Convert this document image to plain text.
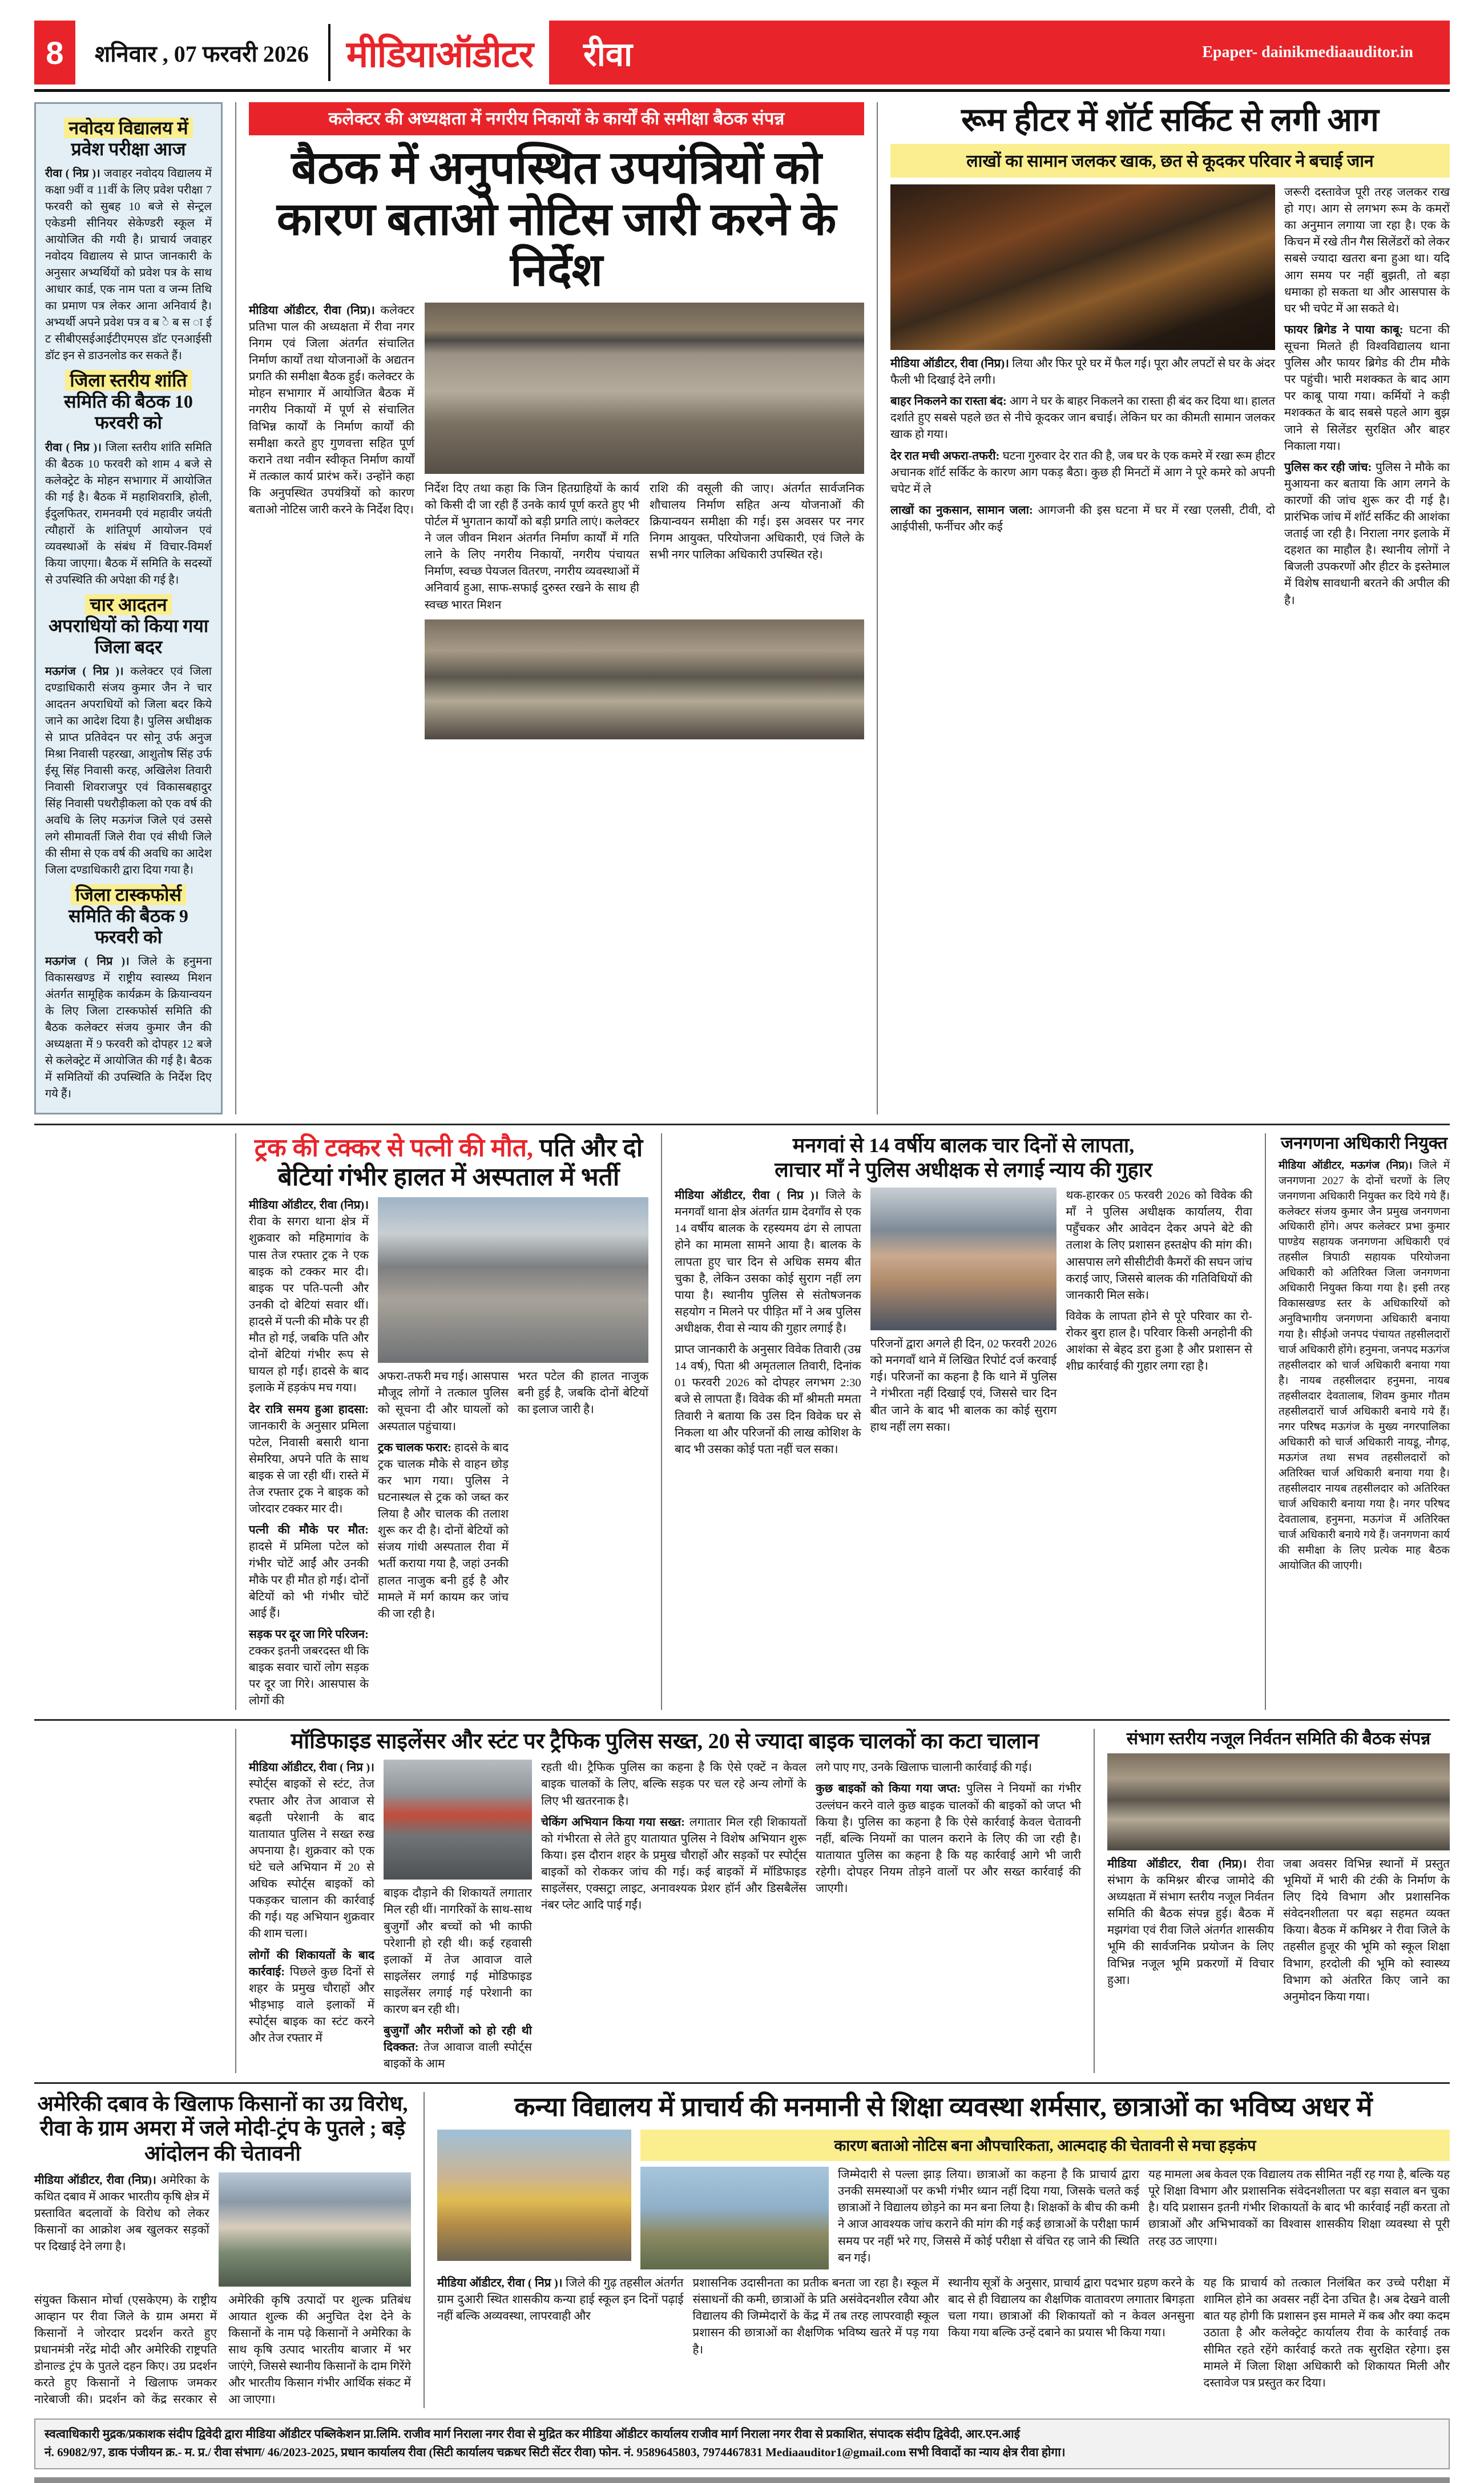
8	शनिवार , 07 फरवरी 2026	मीडियाऑडीटर	रीवा	Epaper- dainikmediaauditor.in
नवोदय विद्यालय में
प्रवेश परीक्षा आज

रीवा ( निप्र )। जवाहर नवोदय विद्यालय में कक्षा 9वीं व 11वीं के लिए प्रवेश परीक्षा 7 फरवरी को सुबह 10 बजे से सेन्ट्रल एकेडमी सीनियर सेकेण्डरी स्कूल में आयोजित की गयी है। प्राचार्य जवाहर नवोदय विद्यालय से प्राप्त जानकारी के अनुसार अभ्यर्थियों को प्रवेश पत्र के साथ आधार कार्ड, एक नाम पता व जन्म तिथि का प्रमाण पत्र लेकर आना अनिवार्य है। अभ्यर्थी अपने प्रवेश पत्र व ब े ब स ा ई ट सीबीएसईआईटीएमएस डॉट एनआईसी डॉट इन से डाउनलोड कर सकते हैं।

जिला स्तरीय शांति
समिति की बैठक 10 फरवरी को

रीवा ( निप्र )। जिला स्तरीय शांति समिति की बैठक 10 फरवरी को शाम 4 बजे से कलेक्ट्रेट के मोहन सभागार में आयोजित की गई है। बैठक में महाशिवरात्रि, होली, ईदुलफितर, रामनवमी एवं महावीर जयंती त्यौहारों के शांतिपूर्ण आयोजन एवं व्यवस्थाओं के संबंध में विचार-विमर्श किया जाएगा। बैठक में समिति के सदस्यों से उपस्थिति की अपेक्षा की गई है।

चार आदतन
अपराधियों को किया गया जिला बदर

मऊगंज ( निप्र )। कलेक्टर एवं जिला दण्डाधिकारी संजय कुमार जैन ने चार आदतन अपराधियों को जिला बदर किये जाने का आदेश दिया है। पुलिस अधीक्षक से प्राप्त प्रतिवेदन पर सोनू उर्फ अनुज मिश्रा निवासी पहरखा, आशुतोष सिंह उर्फ ईसू सिंह निवासी करह, अखिलेश तिवारी निवासी शिवराजपुर एवं विकासबहादुर सिंह निवासी पथरौड़ीकला को एक वर्ष की अवधि के लिए मऊगंज जिले एवं उससे लगे सीमावर्ती जिले रीवा एवं सीधी जिले की सीमा से एक वर्ष की अवधि का आदेश जिला दण्डाधिकारी द्वारा दिया गया है।

जिला टास्कफोर्स
समिति की बैठक 9 फरवरी को

मऊगंज ( निप्र )। जिले के हनुमना विकासखण्ड में राष्ट्रीय स्वास्थ्य मिशन अंतर्गत सामूहिक कार्यक्रम के क्रियान्वयन के लिए जिला टास्कफोर्स समिति की बैठक कलेक्टर संजय कुमार जैन की अध्यक्षता में 9 फरवरी को दोपहर 12 बजे से कलेक्ट्रेट में आयोजित की गई है। बैठक में समितियों की उपस्थिति के निर्देश दिए गये हैं।

कलेक्टर की अध्यक्षता में नगरीय निकायों के कार्यों की समीक्षा बैठक संपन्न
बैठक में अनुपस्थित उपयंत्रियों को कारण बताओ नोटिस जारी करने के निर्देश

मीडिया ऑडीटर, रीवा (निप्र)। कलेक्टर प्रतिभा पाल की अध्यक्षता में रीवा नगर निगम एवं जिला अंतर्गत संचालित निर्माण कार्यों तथा योजनाओं के अद्यतन प्रगति की समीक्षा बैठक हुई। कलेक्टर के मोहन सभागार में आयोजित बैठक में नगरीय निकायों में पूर्ण से संचालित विभिन्न कार्यों के निर्माण कार्यों की समीक्षा करते हुए गुणवत्ता सहित पूर्ण कराने तथा नवीन स्वीकृत निर्माण कार्यों में तत्काल कार्य प्रारंभ करें। उन्होंने कहा कि अनुपस्थित उपयंत्रियों को कारण बताओ नोटिस जारी करने के निर्देश दिए।

निर्देश दिए तथा कहा कि जिन हितग्राहियों के कार्य को किसी दी जा रही हैं उनके कार्य पूर्ण करते हुए भी पोर्टल में भुगतान कार्यों को बड़ी प्रगति लाएं। कलेक्टर ने जल जीवन मिशन अंतर्गत निर्माण कार्यों में गति लाने के लिए नगरीय निकायों, नगरीय पंचायत निर्माण, स्वच्छ पेयजल वितरण, नगरीय व्यवस्थाओं में अनिवार्य हुआ, साफ-सफाई दुरुस्त रखने के साथ ही स्वच्छ भारत मिशन

राशि की वसूली की जाए। अंतर्गत सार्वजनिक शौचालय निर्माण सहित अन्य योजनाओं की क्रियान्वयन समीक्षा की गई। इस अवसर पर नगर निगम आयुक्त, परियोजना अधिकारी, एवं जिले के सभी नगर पालिका अधिकारी उपस्थित रहे।

रूम हीटर में शॉर्ट सर्किट से लगी आग
लाखों का सामान जलकर खाक, छत से कूदकर परिवार ने बचाई जान

मीडिया ऑडीटर, रीवा (निप्र)। लिया और फिर पूरे घर में फैल गई। पूरा और लपटों से घर के अंदर फैली भी दिखाई देने लगी।

बाहर निकलने का रास्ता बंद: आग ने घर के बाहर निकलने का रास्ता ही बंद कर दिया था। हालत दर्शाते हुए सबसे पहले छत से नीचे कूदकर जान बचाई। लेकिन घर का कीमती सामान जलकर खाक हो गया।

देर रात मची अफरा-तफरी: घटना गुरुवार देर रात की है, जब घर के एक कमरे में रखा रूम हीटर अचानक शॉर्ट सर्किट के कारण आग पकड़ बैठा। कुछ ही मिनटों में आग ने पूरे कमरे को अपनी चपेट में ले

लाखों का नुकसान, सामान जला: आगजनी की इस घटना में घर में रखा एलसी, टीवी, दो आईपीसी, फर्नीचर और कई

जरूरी दस्तावेज पूरी तरह जलकर राख हो गए। आग से लगभग रूम के कमरों का अनुमान लगाया जा रहा है। एक के किचन में रखे तीन गैस सिलेंडरों को लेकर सबसे ज्यादा खतरा बना हुआ था। यदि आग समय पर नहीं बुझती, तो बड़ा धमाका हो सकता था और आसपास के घर भी चपेट में आ सकते थे।

फायर ब्रिगेड ने पाया काबू: घटना की सूचना मिलते ही विश्वविद्यालय थाना पुलिस और फायर ब्रिगेड की टीम मौके पर पहुंची। भारी मशक्कत के बाद आग पर काबू पाया गया। कर्मियों ने कड़ी मशक्कत के बाद सबसे पहले आग बुझ जाने से सिलेंडर सुरक्षित और बाहर निकाला गया।

पुलिस कर रही जांच: पुलिस ने मौके का मुआयना कर बताया कि आग लगने के कारणों की जांच शुरू कर दी गई है। प्रारंभिक जांच में शॉर्ट सर्किट की आशंका जताई जा रही है। निराला नगर इलाके में दहशत का माहौल है। स्थानीय लोगों ने बिजली उपकरणों और हीटर के इस्तेमाल में विशेष सावधानी बरतने की अपील की है।

ट्रक की टक्कर से पत्नी की मौत, पति और दो बेटियां गंभीर हालत में अस्पताल में भर्ती

मीडिया ऑडीटर, रीवा (निप्र)। रीवा के सगरा थाना क्षेत्र में शुक्रवार को महिमागांव के पास तेज रफ्तार ट्रक ने एक बाइक को टक्कर मार दी। बाइक पर पति-पत्नी और उनकी दो बेटियां सवार थीं। हादसे में पत्नी की मौके पर ही मौत हो गई, जबकि पति और दोनों बेटियां गंभीर रूप से घायल हो गईं। हादसे के बाद इलाके में हड़कंप मच गया।

देर रात्रि समय हुआ हादसा: जानकारी के अनुसार प्रमिला पटेल, निवासी बसारी थाना सेमरिया, अपने पति के साथ बाइक से जा रही थीं। रास्ते में तेज रफ्तार ट्रक ने बाइक को जोरदार टक्कर मार दी।

पत्नी की मौके पर मौत: हादसे में प्रमिला पटेल को गंभीर चोटें आईं और उनकी मौके पर ही मौत हो गई। दोनों बेटियों को भी गंभीर चोटें आई हैं।

सड़क पर दूर जा गिरे परिजन: टक्कर इतनी जबरदस्त थी कि बाइक सवार चारों लोग सड़क पर दूर जा गिरे। आसपास के लोगों की

अफरा-तफरी मच गई। आसपास मौजूद लोगों ने तत्काल पुलिस को सूचना दी और घायलों को अस्पताल पहुंचाया।

ट्रक चालक फरार: हादसे के बाद ट्रक चालक मौके से वाहन छोड़ कर भाग गया। पुलिस ने घटनास्थल से ट्रक को जब्त कर लिया है और चालक की तलाश शुरू कर दी है। दोनों बेटियों को संजय गांधी अस्पताल रीवा में भर्ती कराया गया है, जहां उनकी हालत नाजुक बनी हुई है और मामले में मर्ग कायम कर जांच की जा रही है।

भरत पटेल की हालत नाजुक बनी हुई है, जबकि दोनों बेटियों का इलाज जारी है।

मनगवां से 14 वर्षीय बालक चार दिनों से लापता,
लाचार माँ ने पुलिस अधीक्षक से लगाई न्याय की गुहार

मीडिया ऑडीटर, रीवा ( निप्र )। जिले के मनगवाँ थाना क्षेत्र अंतर्गत ग्राम देवगाँव से एक 14 वर्षीय बालक के रहस्यमय ढंग से लापता होने का मामला सामने आया है। बालक के लापता हुए चार दिन से अधिक समय बीत चुका है, लेकिन उसका कोई सुराग नहीं लग पाया है। स्थानीय पुलिस से संतोषजनक सहयोग न मिलने पर पीड़ित माँ ने अब पुलिस अधीक्षक, रीवा से न्याय की गुहार लगाई है।

प्राप्त जानकारी के अनुसार विवेक तिवारी (उम्र 14 वर्ष), पिता श्री अमृतलाल तिवारी, दिनांक 01 फरवरी 2026 को दोपहर लगभग 2:30 बजे से लापता हैं। विवेक की माँ श्रीमती ममता तिवारी ने बताया कि उस दिन विवेक घर से निकला था और परिजनों की लाख कोशिश के बाद भी उसका कोई पता नहीं चल सका।

परिजनों द्वारा अगले ही दिन, 02 फरवरी 2026 को मनगवाँ थाने में लिखित रिपोर्ट दर्ज करवाई गई। परिजनों का कहना है कि थाने में पुलिस ने गंभीरता नहीं दिखाई एवं, जिससे चार दिन बीत जाने के बाद भी बालक का कोई सुराग हाथ नहीं लग सका।

थक-हारकर 05 फरवरी 2026 को विवेक की माँ ने पुलिस अधीक्षक कार्यालय, रीवा पहुँचकर और आवेदन देकर अपने बेटे की तलाश के लिए प्रशासन हस्तक्षेप की मांग की। आसपास लगे सीसीटीवी कैमरों की सघन जांच कराई जाए, जिससे बालक की गतिविधियों की जानकारी मिल सके।

विवेक के लापता होने से पूरे परिवार का रो-रोकर बुरा हाल है। परिवार किसी अनहोनी की आशंका से बेहद डरा हुआ है और प्रशासन से शीघ्र कार्रवाई की गुहार लगा रहा है।

जनगणना अधिकारी नियुक्त

मीडिया ऑडीटर, मऊगंज (निप्र)। जिले में जनगणना 2027 के दोनों चरणों के लिए जनगणना अधिकारी नियुक्त कर दिये गये हैं। कलेक्टर संजय कुमार जैन प्रमुख जनगणना अधिकारी होंगे। अपर कलेक्टर प्रभा कुमार पाण्डेय सहायक जनगणना अधिकारी एवं तहसील त्रिपाठी सहायक परियोजना अधिकारी को अतिरिक्त जिला जनगणना अधिकारी नियुक्त किया गया है। इसी तरह विकासखण्ड स्तर के अधिकारियों को अनुविभागीय जनगणना अधिकारी बनाया गया है। सीईओ जनपद पंचायत तहसीलदारों चार्ज अधिकारी होंगे। हनुमना, जनपद मऊगंज तहसीलदार को चार्ज अधिकारी बनाया गया है। नायब तहसीलदार हनुमना, नायब तहसीलदार देवतालाब, शिवम कुमार गौतम तहसीलदारों चार्ज अधिकारी बनाये गये हैं। नगर परिषद मऊगंज के मुख्य नगरपालिका अधिकारी को चार्ज अधिकारी नायडू, नौगढ़, मऊगंज तथा सभव तहसीलदारों को अतिरिक्त चार्ज अधिकारी बनाया गया है। तहसीलदार नायब तहसीलदार को अतिरिक्त चार्ज अधिकारी बनाया गया है। नगर परिषद देवतालाब, हनुमना, मऊगंज में अतिरिक्त चार्ज अधिकारी बनाये गये हैं। जनगणना कार्य की समीक्षा के लिए प्रत्येक माह बैठक आयोजित की जाएगी।

मॉडिफाइड साइलेंसर और स्टंट पर ट्रैफिक पुलिस सख्त, 20 से ज्यादा बाइक चालकों का कटा चालान

मीडिया ऑडीटर, रीवा ( निप्र )। स्पोर्ट्स बाइकों से स्टंट, तेज रफ्तार और तेज आवाज से बढ़ती परेशानी के बाद यातायात पुलिस ने सख्त रुख अपनाया है। शुक्रवार को एक घंटे चले अभियान में 20 से अधिक स्पोर्ट्स बाइकों को पकड़कर चालान की कार्रवाई की गई। यह अभियान शुक्रवार की शाम चला।

लोगों की शिकायतों के बाद कार्रवाई: पिछले कुछ दिनों से शहर के प्रमुख चौराहों और भीड़भाड़ वाले इलाकों में स्पोर्ट्स बाइक का स्टंट करने और तेज रफ्तार में

बाइक दौड़ाने की शिकायतें लगातार मिल रही थीं। नागरिकों के साथ-साथ बुजुर्गों और बच्चों को भी काफी परेशानी हो रही थी। कई रहवासी इलाकों में तेज आवाज वाले साइलेंसर लगाई गई मोडिफाइड साइलेंसर लगाई गई परेशानी का कारण बन रही थी।

बुजुर्गों और मरीजों को हो रही थी दिक्कत: तेज आवाज वाली स्पोर्ट्स बाइकों के आम

रहती थी। ट्रैफिक पुलिस का कहना है कि ऐसे एक्टें न केवल बाइक चालकों के लिए, बल्कि सड़क पर चल रहे अन्य लोगों के लिए भी खतरनाक है।

चेकिंग अभियान किया गया सख्त: लगातार मिल रही शिकायतों को गंभीरता से लेते हुए यातायात पुलिस ने विशेष अभियान शुरू किया। इस दौरान शहर के प्रमुख चौराहों और सड़कों पर स्पोर्ट्स बाइकों को रोककर जांच की गई। कई बाइकों में मॉडिफाइड साइलेंसर, एक्सट्रा लाइट, अनावश्यक प्रेशर हॉर्न और डिसबैलेंस नंबर प्लेट आदि पाई गईं।

लगे पाए गए, उनके खिलाफ चालानी कार्रवाई की गई।

कुछ बाइकों को किया गया जप्त: पुलिस ने नियमों का गंभीर उल्लंघन करने वाले कुछ बाइक चालकों की बाइकों को जप्त भी किया है। पुलिस का कहना है कि ऐसे कार्रवाई केवल चेतावनी नहीं, बल्कि नियमों का पालन कराने के लिए की जा रही है। यातायात पुलिस का कहना है कि यह कार्रवाई आगे भी जारी रहेगी। दोपहर नियम तोड़ने वालों पर और सख्त कार्रवाई की जाएगी।

संभाग स्तरीय नजूल निर्वतन समिति की बैठक संपन्न

मीडिया ऑडीटर, रीवा (निप्र)। रीवा संभाग के कमिश्नर बीरज्र जामोदे की अध्यक्षता में संभाग स्तरीय नजूल निर्वतन समिति की बैठक संपन्न हुई। बैठक में मझगंवा एवं रीवा जिले अंतर्गत शासकीय भूमि की सार्वजनिक प्रयोजन के लिए विभिन्न नजूल भूमि प्रकरणों में विचार हुआ।

जबा अवसर विभिन्न स्थानों में प्रस्तुत भूमियों में भारी की टंकी के निर्माण के लिए दिये विभाग और प्रशासनिक संवेदनशीलता पर बढ़ा सहमत व्यक्त किया। बैठक में कमिश्नर ने रीवा जिले के तहसील हुजूर की भूमि को स्कूल शिक्षा विभाग, हरदोली की भूमि को स्वास्थ्य विभाग को अंतरित किए जाने का अनुमोदन किया गया।

अमेरिकी दबाव के खिलाफ किसानों का उग्र विरोध, रीवा के ग्राम अमरा में जले मोदी-ट्रंप के पुतले ; बड़े आंदोलन की चेतावनी

मीडिया ऑडीटर, रीवा (निप्र)। अमेरिका के कथित दबाव में आकर भारतीय कृषि क्षेत्र में प्रस्तावित बदलावों के विरोध को लेकर किसानों का आक्रोश अब खुलकर सड़कों पर दिखाई देने लगा है।

संयुक्त किसान मोर्चा (एसकेएम) के राष्ट्रीय आव्हान पर रीवा जिले के ग्राम अमरा में किसानों ने जोरदार प्रदर्शन करते हुए प्रधानमंत्री नरेंद्र मोदी और अमेरिकी राष्ट्रपति डोनाल्ड ट्रंप के पुतले दहन किए। उग्र प्रदर्शन करते हुए किसानों ने खिलाफ जमकर नारेबाजी की। प्रदर्शन को केंद्र सरकार से अमेरिकी कृषि उत्पादों पर शुल्क प्रतिबंध आयात शुल्क की अनुचित देश देने के किसानों के नाम पढ़े किसानों ने अमेरिका के साथ कृषि उत्पाद भारतीय बाजार में भर जाएंगे, जिससे स्थानीय किसानों के दाम गिरेंगे और भारतीय किसान गंभीर आर्थिक संकट में आ जाएगा।

कन्या विद्यालय में प्राचार्य की मनमानी से शिक्षा व्यवस्था शर्मसार, छात्राओं का भविष्य अधर में
कारण बताओ नोटिस बना औपचारिकता, आत्मदाह की चेतावनी से मचा हड़कंप

जिम्मेदारी से पल्ला झाड़ लिया। छात्राओं का कहना है कि प्राचार्य द्वारा उनकी समस्याओं पर कभी गंभीर ध्यान नहीं दिया गया, जिसके चलते कई छात्राओं ने विद्यालय छोड़ने का मन बना लिया है। शिक्षकों के बीच की कमी ने आज आवश्यक जांच कराने की मांग की गई कई छात्राओं के परीक्षा फार्म समय पर नहीं भरे गए, जिससे में कोई परीक्षा से वंचित रह जाने की स्थिति बन गई।

यह मामला अब केवल एक विद्यालय तक सीमित नहीं रह गया है, बल्कि यह पूरे शिक्षा विभाग और प्रशासनिक संवेदनशीलता पर बड़ा सवाल बन चुका है। यदि प्रशासन इतनी गंभीर शिकायतों के बाद भी कार्रवाई नहीं करता तो छात्राओं और अभिभावकों का विश्वास शासकीय शिक्षा व्यवस्था से पूरी तरह उठ जाएगा।

मीडिया ऑडीटर, रीवा ( निप्र )। जिले की गुढ़ तहसील अंतर्गत ग्राम दुआरी स्थित शासकीय कन्या हाई स्कूल इन दिनों पढ़ाई नहीं बल्कि अव्यवस्था, लापरवाही और

प्रशासनिक उदासीनता का प्रतीक बनता जा रहा है। स्कूल में संसाधनों की कमी, छात्राओं के प्रति असंवेदनशील रवैया और विद्यालय की जिम्मेदारों के केंद्र में तब तरह लापरवाही स्कूल प्रशासन की छात्राओं का शैक्षणिक भविष्य खतरे में पड़ गया है।

स्थानीय सूत्रों के अनुसार, प्राचार्य द्वारा पदभार ग्रहण करने के बाद से ही विद्यालय का शैक्षणिक वातावरण लगातार बिगड़ता चला गया। छात्राओं की शिकायतों को न केवल अनसुना किया गया बल्कि उन्हें दबाने का प्रयास भी किया गया।

यह कि प्राचार्य को तत्काल निलंबित कर उच्चे परीक्षा में शामिल होने का अवसर नहीं देना उचित है। अब देखने वाली बात यह होगी कि प्रशासन इस मामले में कब और क्या कदम उठाता है और कलेक्ट्रेट कार्यालय रीवा के कार्रवाई तक सीमित रहते रहेंगे कार्रवाई करते तक सुरक्षित रहेगा। इस मामले में जिला शिक्षा अधिकारी को शिकायत मिली और दस्तावेज पत्र प्रस्तुत कर दिया।

स्वत्वाधिकारी मुद्रक/प्रकाशक संदीप द्विवेदी द्वारा मीडिया ऑडीटर पब्लिकेशन प्रा.लिमि. राजीव मार्ग निराला नगर रीवा से मुद्रित कर मीडिया ऑडीटर कार्यालय राजीव मार्ग निराला नगर रीवा से प्रकाशित, संपादक संदीप द्विवेदी, आर.एन.आई
नं. 69082/97, डाक पंजीयन क्र.- म. प्र./ रीवा संभाग/ 46/2023-2025, प्रधान कार्यालय रीवा (सिटी कार्यालय चक्रधर सिटी सेंटर रीवा) फोन. नं. 9589645803, 7974467831 Mediaauditor1@gmail.com सभी विवादों का न्याय क्षेत्र रीवा होगा।
